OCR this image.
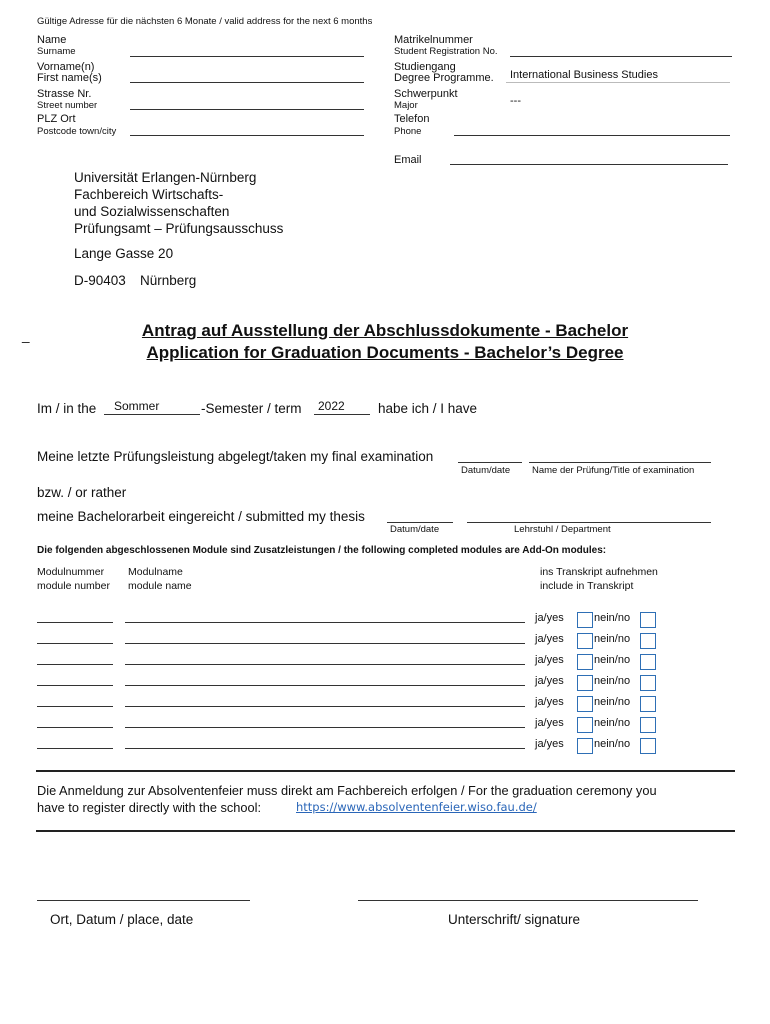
Gültige Adresse für die nächsten 6 Monate / valid address for the next 6 months
Name
Surname
Vorname(n)
First name(s)
Strasse Nr.
Street number
PLZ Ort
Postcode town/city
Matrikelnummer
Student Registration No.
Studiengang
Degree Programme. International Business Studies
Schwerpunkt
Major	---
Telefon
Phone
Email
Universität Erlangen-Nürnberg
Fachbereich Wirtschafts-
und Sozialwissenschaften
Prüfungsamt – Prüfungsausschuss
Lange Gasse 20
D-90403 Nürnberg
_	Antrag auf Ausstellung der Abschlussdokumente - Bachelor
Application for Graduation Documents - Bachelor’s Degree
Im / in the Sommer	-Semester / term 2022 habe ich / I have
Meine letzte Prüfungsleistung abgelegt/taken my final examination
Datum/date Name der Prüfung/Title of examination
bzw. / or rather
meine Bachelorarbeit eingereicht / submitted my thesis
Datum/date	Lehrstuhl / Department
Die folgenden abgeschlossenen Module sind Zusatzleistungen / the following completed modules are Add-On modules:
Modulnummer
module number
Modulname
module name
ins Transkript aufnehmen
include in Transkript
ja/yes	nein/no
ja/yes	nein/no
ja/yes	nein/no
ja/yes	nein/no
ja/yes	nein/no
ja/yes	nein/no
ja/yes	nein/no
Die Anmeldung zur Absolventenfeier muss direkt am Fachbereich erfolgen / For the graduation ceremony you
have to register directly with the school:	https://www.absolventenfeier.wiso.fau.de/
Ort, Datum / place, date	Unterschrift/ signature
